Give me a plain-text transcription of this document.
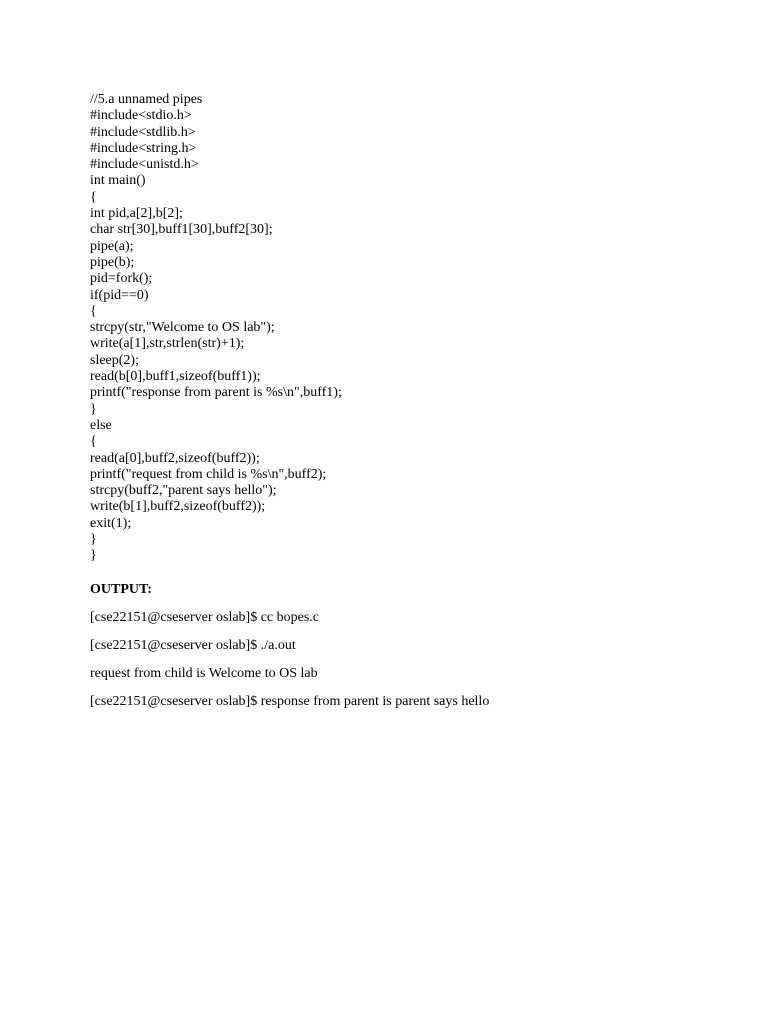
//5.a unnamed pipes
#include<stdio.h>
#include<stdlib.h>
#include<string.h>
#include<unistd.h>
int main()
{
int pid,a[2],b[2];
char str[30],buff1[30],buff2[30];
pipe(a);
pipe(b);
pid=fork();
if(pid==0)
{
strcpy(str,"Welcome to OS lab");
write(a[1],str,strlen(str)+1);
sleep(2);
read(b[0],buff1,sizeof(buff1));
printf("response from parent is %s\n",buff1);
}
else
{
read(a[0],buff2,sizeof(buff2));
printf("request from child is %s\n",buff2);
strcpy(buff2,"parent says hello");
write(b[1],buff2,sizeof(buff2));
exit(1);
}
}
OUTPUT:
[cse22151@cseserver oslab]$ cc bopes.c
[cse22151@cseserver oslab]$ ./a.out
request from child is Welcome to OS lab
[cse22151@cseserver oslab]$ response from parent is parent says hello
